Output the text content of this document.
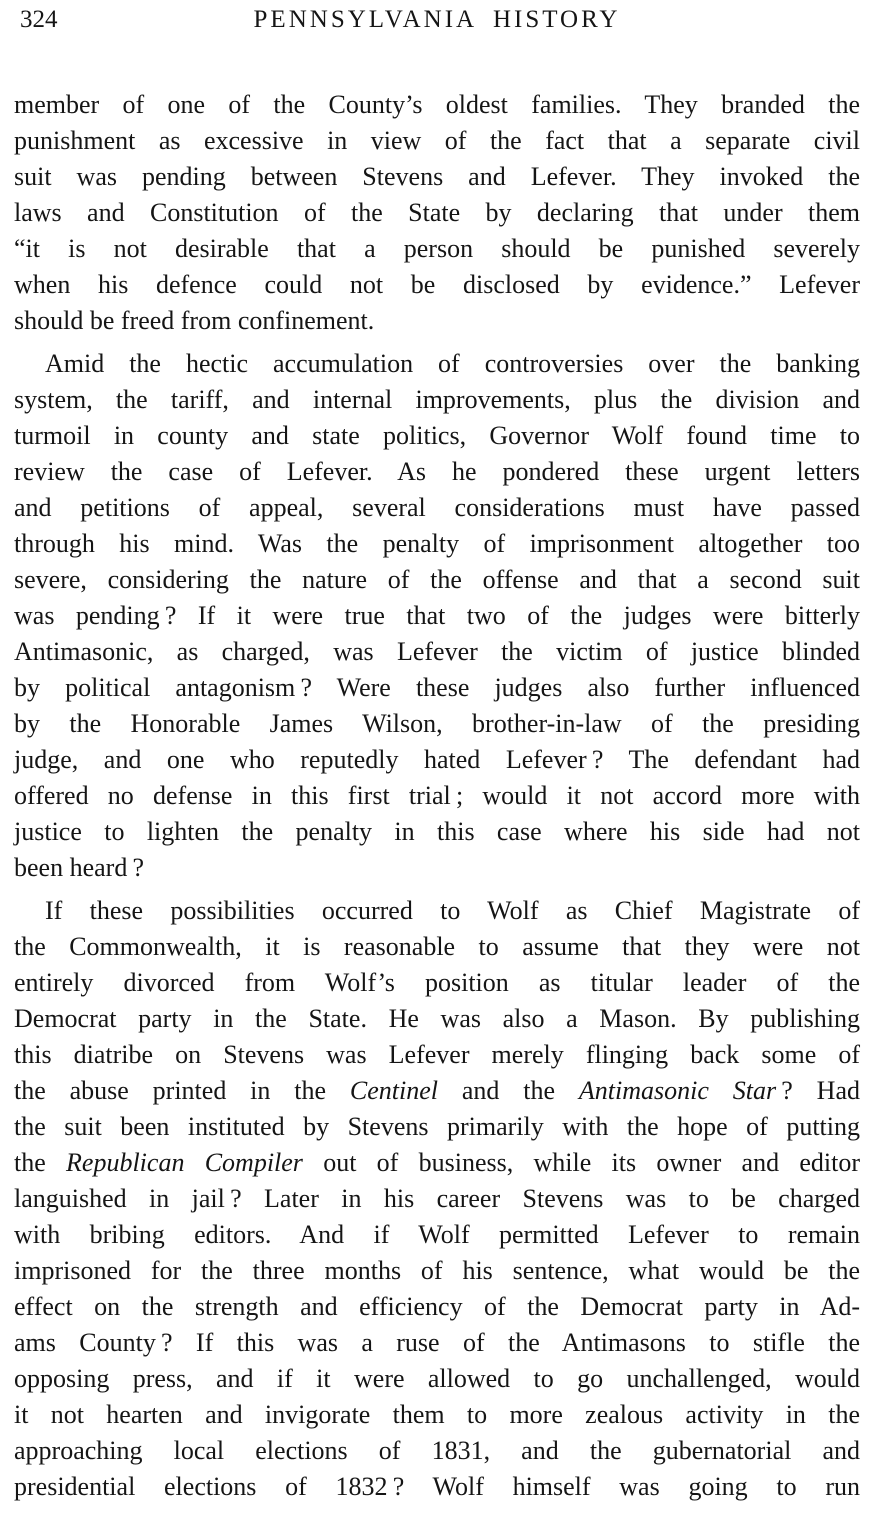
324	PENNSYLVANIA HISTORY
member of one of the County’s oldest families. They branded the
punishment as excessive in view of the fact that a separate civil
suit was pending between Stevens and Lefever. They invoked the
laws and Constitution of the State by declaring that under them
“it is not desirable that a person should be punished severely
when his defence could not be disclosed by evidence.” Lefever
should be freed from confinement.
Amid the hectic accumulation of controversies over the banking
system, the tariff, and internal improvements, plus the division and
turmoil in county and state politics, Governor Wolf found time to
review the case of Lefever. As he pondered these urgent letters
and petitions of appeal, several considerations must have passed
through his mind. Was the penalty of imprisonment altogether too
severe, considering the nature of the offense and that a second suit
was pending ? If it were true that two of the judges were bitterly
Antimasonic, as charged, was Lefever the victim of justice blinded
by political antagonism ? Were these judges also further influenced
by the Honorable James Wilson, brother-in-law of the presiding
judge, and one who reputedly hated Lefever ? The defendant had
offered no defense in this first trial ; would it not accord more with
justice to lighten the penalty in this case where his side had not
been heard ?
If these possibilities occurred to Wolf as Chief Magistrate of
the Commonwealth, it is reasonable to assume that they were not
entirely divorced from Wolf’s position as titular leader of the
Democrat party in the State. He was also a Mason. By publishing
this diatribe on Stevens was Lefever merely flinging back some of
the abuse printed in the Centinel and the Antimasonic Star ? Had
the suit been instituted by Stevens primarily with the hope of putting
the Republican Compiler out of business, while its owner and editor
languished in jail ? Later in his career Stevens was to be charged
with bribing editors. And if Wolf permitted Lefever to remain
imprisoned for the three months of his sentence, what would be the
effect on the strength and efficiency of the Democrat party in Ad-
ams County ? If this was a ruse of the Antimasons to stifle the
opposing press, and if it were allowed to go unchallenged, would
it not hearten and invigorate them to more zealous activity in the
approaching local elections of 1831, and the gubernatorial and
presidential elections of 1832 ? Wolf himself was going to run
